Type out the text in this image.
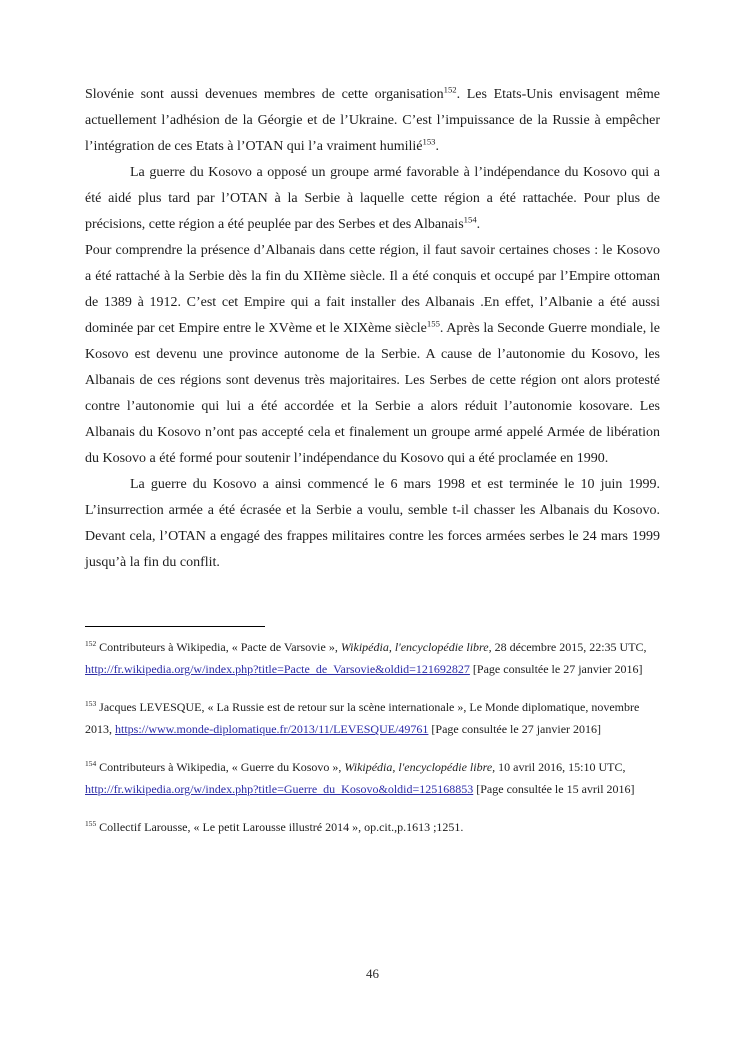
Slovénie sont aussi devenues membres de cette organisation$^{152}$. Les Etats-Unis envisagent même actuellement l’adhésion de la Géorgie et de l’Ukraine. C’est l’impuissance de la Russie à empêcher l’intégration de ces Etats à l’OTAN qui l’a vraiment humilié$^{153}$.

La guerre du Kosovo a opposé un groupe armé favorable à l’indépendance du Kosovo qui a été aidé plus tard par l’OTAN à la Serbie à laquelle cette région a été rattachée. Pour plus de précisions, cette région a été peuplée par des Serbes et des Albanais$^{154}$.

Pour comprendre la présence d’Albanais dans cette région, il faut savoir certaines choses : le Kosovo a été rattaché à la Serbie dès la fin du XIIème siècle. Il a été conquis et occupé par l’Empire ottoman de 1389 à 1912. C’est cet Empire qui a fait installer des Albanais .En effet, l’Albanie a été aussi dominée par cet Empire entre le XVème et le XIXème siècle$^{155}$. Après la Seconde Guerre mondiale, le Kosovo est devenu une province autonome de la Serbie. A cause de l’autonomie du Kosovo, les Albanais de ces régions sont devenus très majoritaires. Les Serbes de cette région ont alors protesté contre l’autonomie qui lui a été accordée et la Serbie a alors réduit l’autonomie kosovare. Les Albanais du Kosovo n’ont pas accepté cela et finalement un groupe armé appelé Armée de libération du Kosovo a été formé pour soutenir l’indépendance du Kosovo qui a été proclamée en 1990.

La guerre du Kosovo a ainsi commencé le 6 mars 1998 et est terminée le 10 juin 1999. L’insurrection armée a été écrasée et la Serbie a voulu, semble t-il chasser les Albanais du Kosovo. Devant cela, l’OTAN a engagé des frappes militaires contre les forces armées serbes le 24 mars 1999 jusqu’à la fin du conflit.

$^{152}$ Contributeurs à Wikipedia, « Pacte de Varsovie », Wikipédia, l'encyclopédie libre, 28 décembre 2015, 22:35 UTC, http://fr.wikipedia.org/w/index.php?title=Pacte_de_Varsovie&oldid=121692827 [Page consultée le 27 janvier 2016]

$^{153}$ Jacques LEVESQUE, « La Russie est de retour sur la scène internationale », Le Monde diplomatique, novembre 2013, https://www.monde-diplomatique.fr/2013/11/LEVESQUE/49761 [Page consultée le 27 janvier 2016]

$^{154}$ Contributeurs à Wikipedia, « Guerre du Kosovo », Wikipédia, l'encyclopédie libre, 10 avril 2016, 15:10 UTC, http://fr.wikipedia.org/w/index.php?title=Guerre_du_Kosovo&oldid=125168853 [Page consultée le 15 avril 2016]

$^{155}$ Collectif Larousse, « Le petit Larousse illustré 2014 », op.cit.,p.1613 ;1251.

46
